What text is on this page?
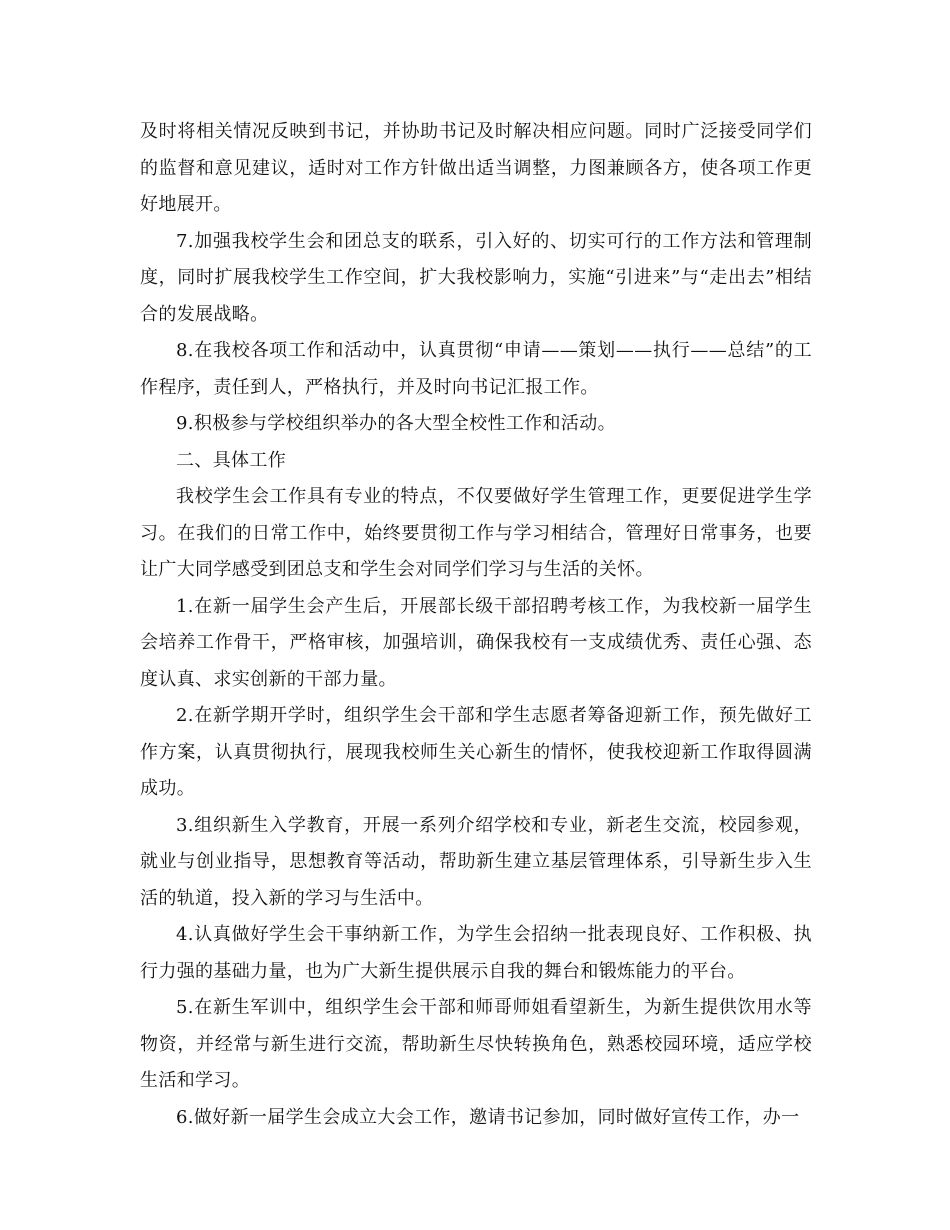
及时将相关情况反映到书记，并协助书记及时解决相应问题。同时广泛接受同学们的监督和意见建议，适时对工作方针做出适当调整，力图兼顾各方，使各项工作更好地展开。

7.加强我校学生会和团总支的联系，引入好的、切实可行的工作方法和管理制度，同时扩展我校学生工作空间，扩大我校影响力，实施“引进来”与“走出去”相结合的发展战略。

8.在我校各项工作和活动中，认真贯彻“申请——策划——执行——总结”的工作程序，责任到人，严格执行，并及时向书记汇报工作。

9.积极参与学校组织举办的各大型全校性工作和活动。

二、具体工作

我校学生会工作具有专业的特点，不仅要做好学生管理工作，更要促进学生学习。在我们的日常工作中，始终要贯彻工作与学习相结合，管理好日常事务，也要让广大同学感受到团总支和学生会对同学们学习与生活的关怀。

1.在新一届学生会产生后，开展部长级干部招聘考核工作，为我校新一届学生会培养工作骨干，严格审核，加强培训，确保我校有一支成绩优秀、责任心强、态度认真、求实创新的干部力量。

2.在新学期开学时，组织学生会干部和学生志愿者筹备迎新工作，预先做好工作方案，认真贯彻执行，展现我校师生关心新生的情怀，使我校迎新工作取得圆满成功。

3.组织新生入学教育，开展一系列介绍学校和专业，新老生交流，校园参观，就业与创业指导，思想教育等活动，帮助新生建立基层管理体系，引导新生步入生活的轨道，投入新的学习与生活中。

4.认真做好学生会干事纳新工作，为学生会招纳一批表现良好、工作积极、执行力强的基础力量，也为广大新生提供展示自我的舞台和锻炼能力的平台。

5.在新生军训中，组织学生会干部和师哥师姐看望新生，为新生提供饮用水等物资，并经常与新生进行交流，帮助新生尽快转换角色，熟悉校园环境，适应学校生活和学习。

6.做好新一届学生会成立大会工作，邀请书记参加，同时做好宣传工作，办一
